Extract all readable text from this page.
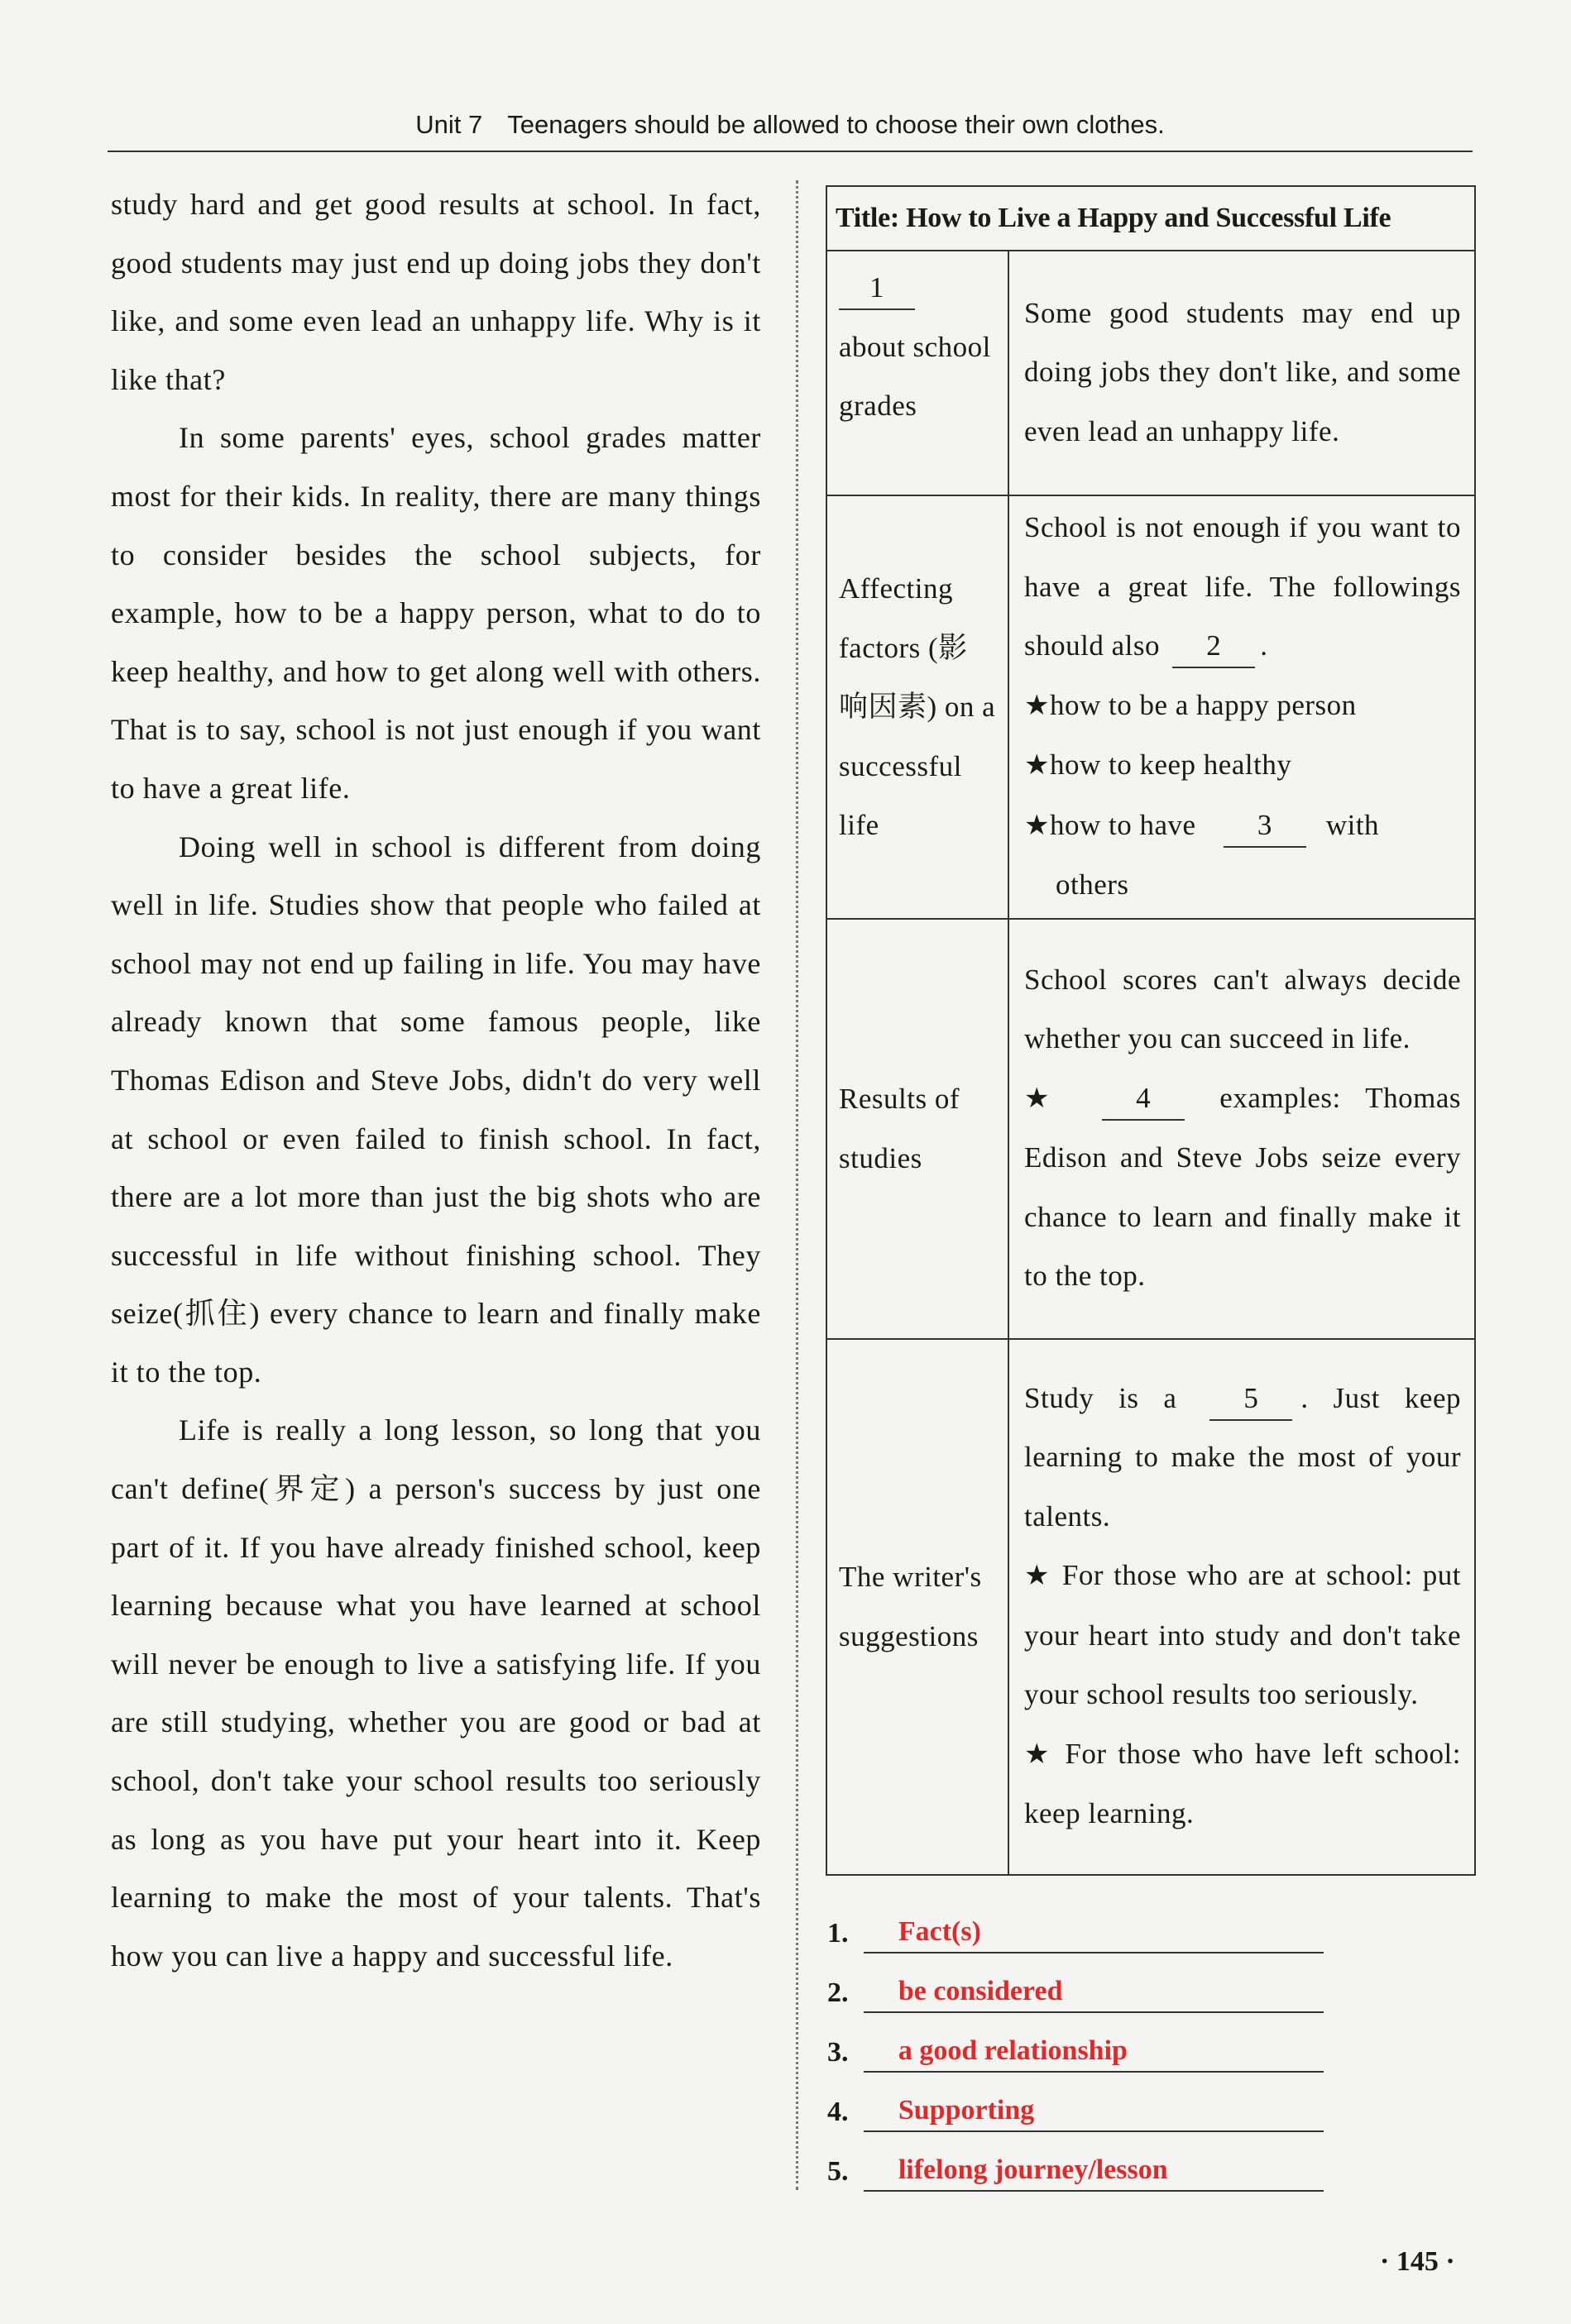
Unit 7 Teenagers should be allowed to choose their own clothes.

study hard and get good results at school. In fact, good students may just end up doing jobs they don't like, and some even lead an unhappy life. Why is it like that?

In some parents' eyes, school grades matter most for their kids. In reality, there are many things to consider besides the school subjects, for example, how to be a happy person, what to do to keep healthy, and how to get along well with others. That is to say, school is not just enough if you want to have a great life.

Doing well in school is different from doing well in life. Studies show that people who failed at school may not end up failing in life. You may have already known that some famous people, like Thomas Edison and Steve Jobs, didn't do very well at school or even failed to finish school. In fact, there are a lot more than just the big shots who are successful in life without finishing school. They seize(抓住) every chance to learn and finally make it to the top.

Life is really a long lesson, so long that you can't define(界定) a person's success by just one part of it. If you have already finished school, keep learning because what you have learned at school will never be enough to live a satisfying life. If you are still studying, whether you are good or bad at school, don't take your school results too seriously as long as you have put your heart into it. Keep learning to make the most of your talents. That's how you can live a happy and successful life.

Title: How to Live a Happy and Successful Life	
1
about school grades	Some good students may end up doing jobs they don't like, and some even lead an unhappy life.
Affecting factors (影响因素) on a successful life	School is not enough if you want to have a great life. The followings should also 2 .
★how to be a happy person
★how to keep healthy
★how to have 3 with
others
Results of studies	School scores can't always decide whether you can succeed in life.
★ 4 examples: Thomas Edison and Steve Jobs seize every chance to learn and finally make it to the top.
The writer's suggestions	Study is a 5 . Just keep learning to make the most of your talents.
★ For those who are at school: put your heart into study and don't take your school results too seriously.
★ For those who have left school: keep learning.
1.	Fact(s)
2.	be considered
3.	a good relationship
4.	Supporting
5.	lifelong journey/lesson
· 145 ·
